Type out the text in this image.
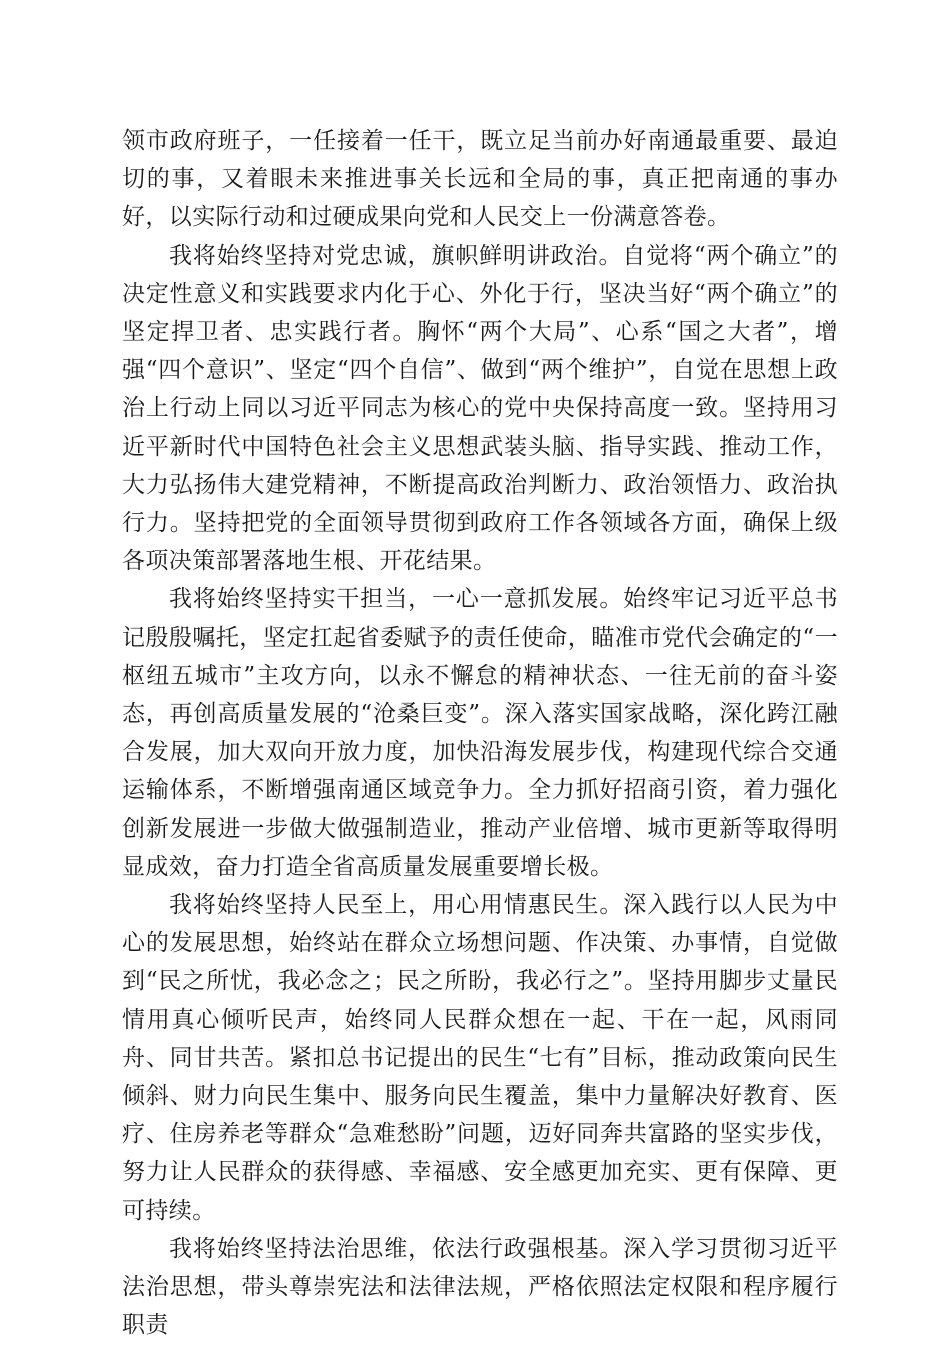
领市政府班子，一任接着一任干，既立足当前办好南通最重要、最迫切的事，又着眼未来推进事关长远和全局的事，真正把南通的事办好，以实际行动和过硬成果向党和人民交上一份满意答卷。

我将始终坚持对党忠诚，旗帜鲜明讲政治。自觉将“两个确立”的决定性意义和实践要求内化于心、外化于行，坚决当好“两个确立”的坚定捍卫者、忠实践行者。胸怀“两个大局”、心系“国之大者”，增强“四个意识”、坚定“四个自信”、做到“两个维护”，自觉在思想上政治上行动上同以习近平同志为核心的党中央保持高度一致。坚持用习近平新时代中国特色社会主义思想武装头脑、指导实践、推动工作，大力弘扬伟大建党精神，不断提高政治判断力、政治领悟力、政治执行力。坚持把党的全面领导贯彻到政府工作各领域各方面，确保上级各项决策部署落地生根、开花结果。

我将始终坚持实干担当，一心一意抓发展。始终牢记习近平总书记殷殷嘱托，坚定扛起省委赋予的责任使命，瞄准市党代会确定的“一枢纽五城市”主攻方向，以永不懈怠的精神状态、一往无前的奋斗姿态，再创高质量发展的“沧桑巨变”。深入落实国家战略，深化跨江融合发展，加大双向开放力度，加快沿海发展步伐，构建现代综合交通运输体系，不断增强南通区域竞争力。全力抓好招商引资，着力强化创新发展进一步做大做强制造业，推动产业倍增、城市更新等取得明显成效，奋力打造全省高质量发展重要增长极。

我将始终坚持人民至上，用心用情惠民生。深入践行以人民为中心的发展思想，始终站在群众立场想问题、作决策、办事情，自觉做到“民之所忧，我必念之；民之所盼，我必行之”。坚持用脚步丈量民情用真心倾听民声，始终同人民群众想在一起、干在一起，风雨同舟、同甘共苦。紧扣总书记提出的民生“七有”目标，推动政策向民生倾斜、财力向民生集中、服务向民生覆盖，集中力量解决好教育、医疗、住房养老等群众“急难愁盼”问题，迈好同奔共富路的坚实步伐，努力让人民群众的获得感、幸福感、安全感更加充实、更有保障、更可持续。

我将始终坚持法治思维，依法行政强根基。深入学习贯彻习近平法治思想，带头尊崇宪法和法律法规，严格依照法定权限和程序履行职责
